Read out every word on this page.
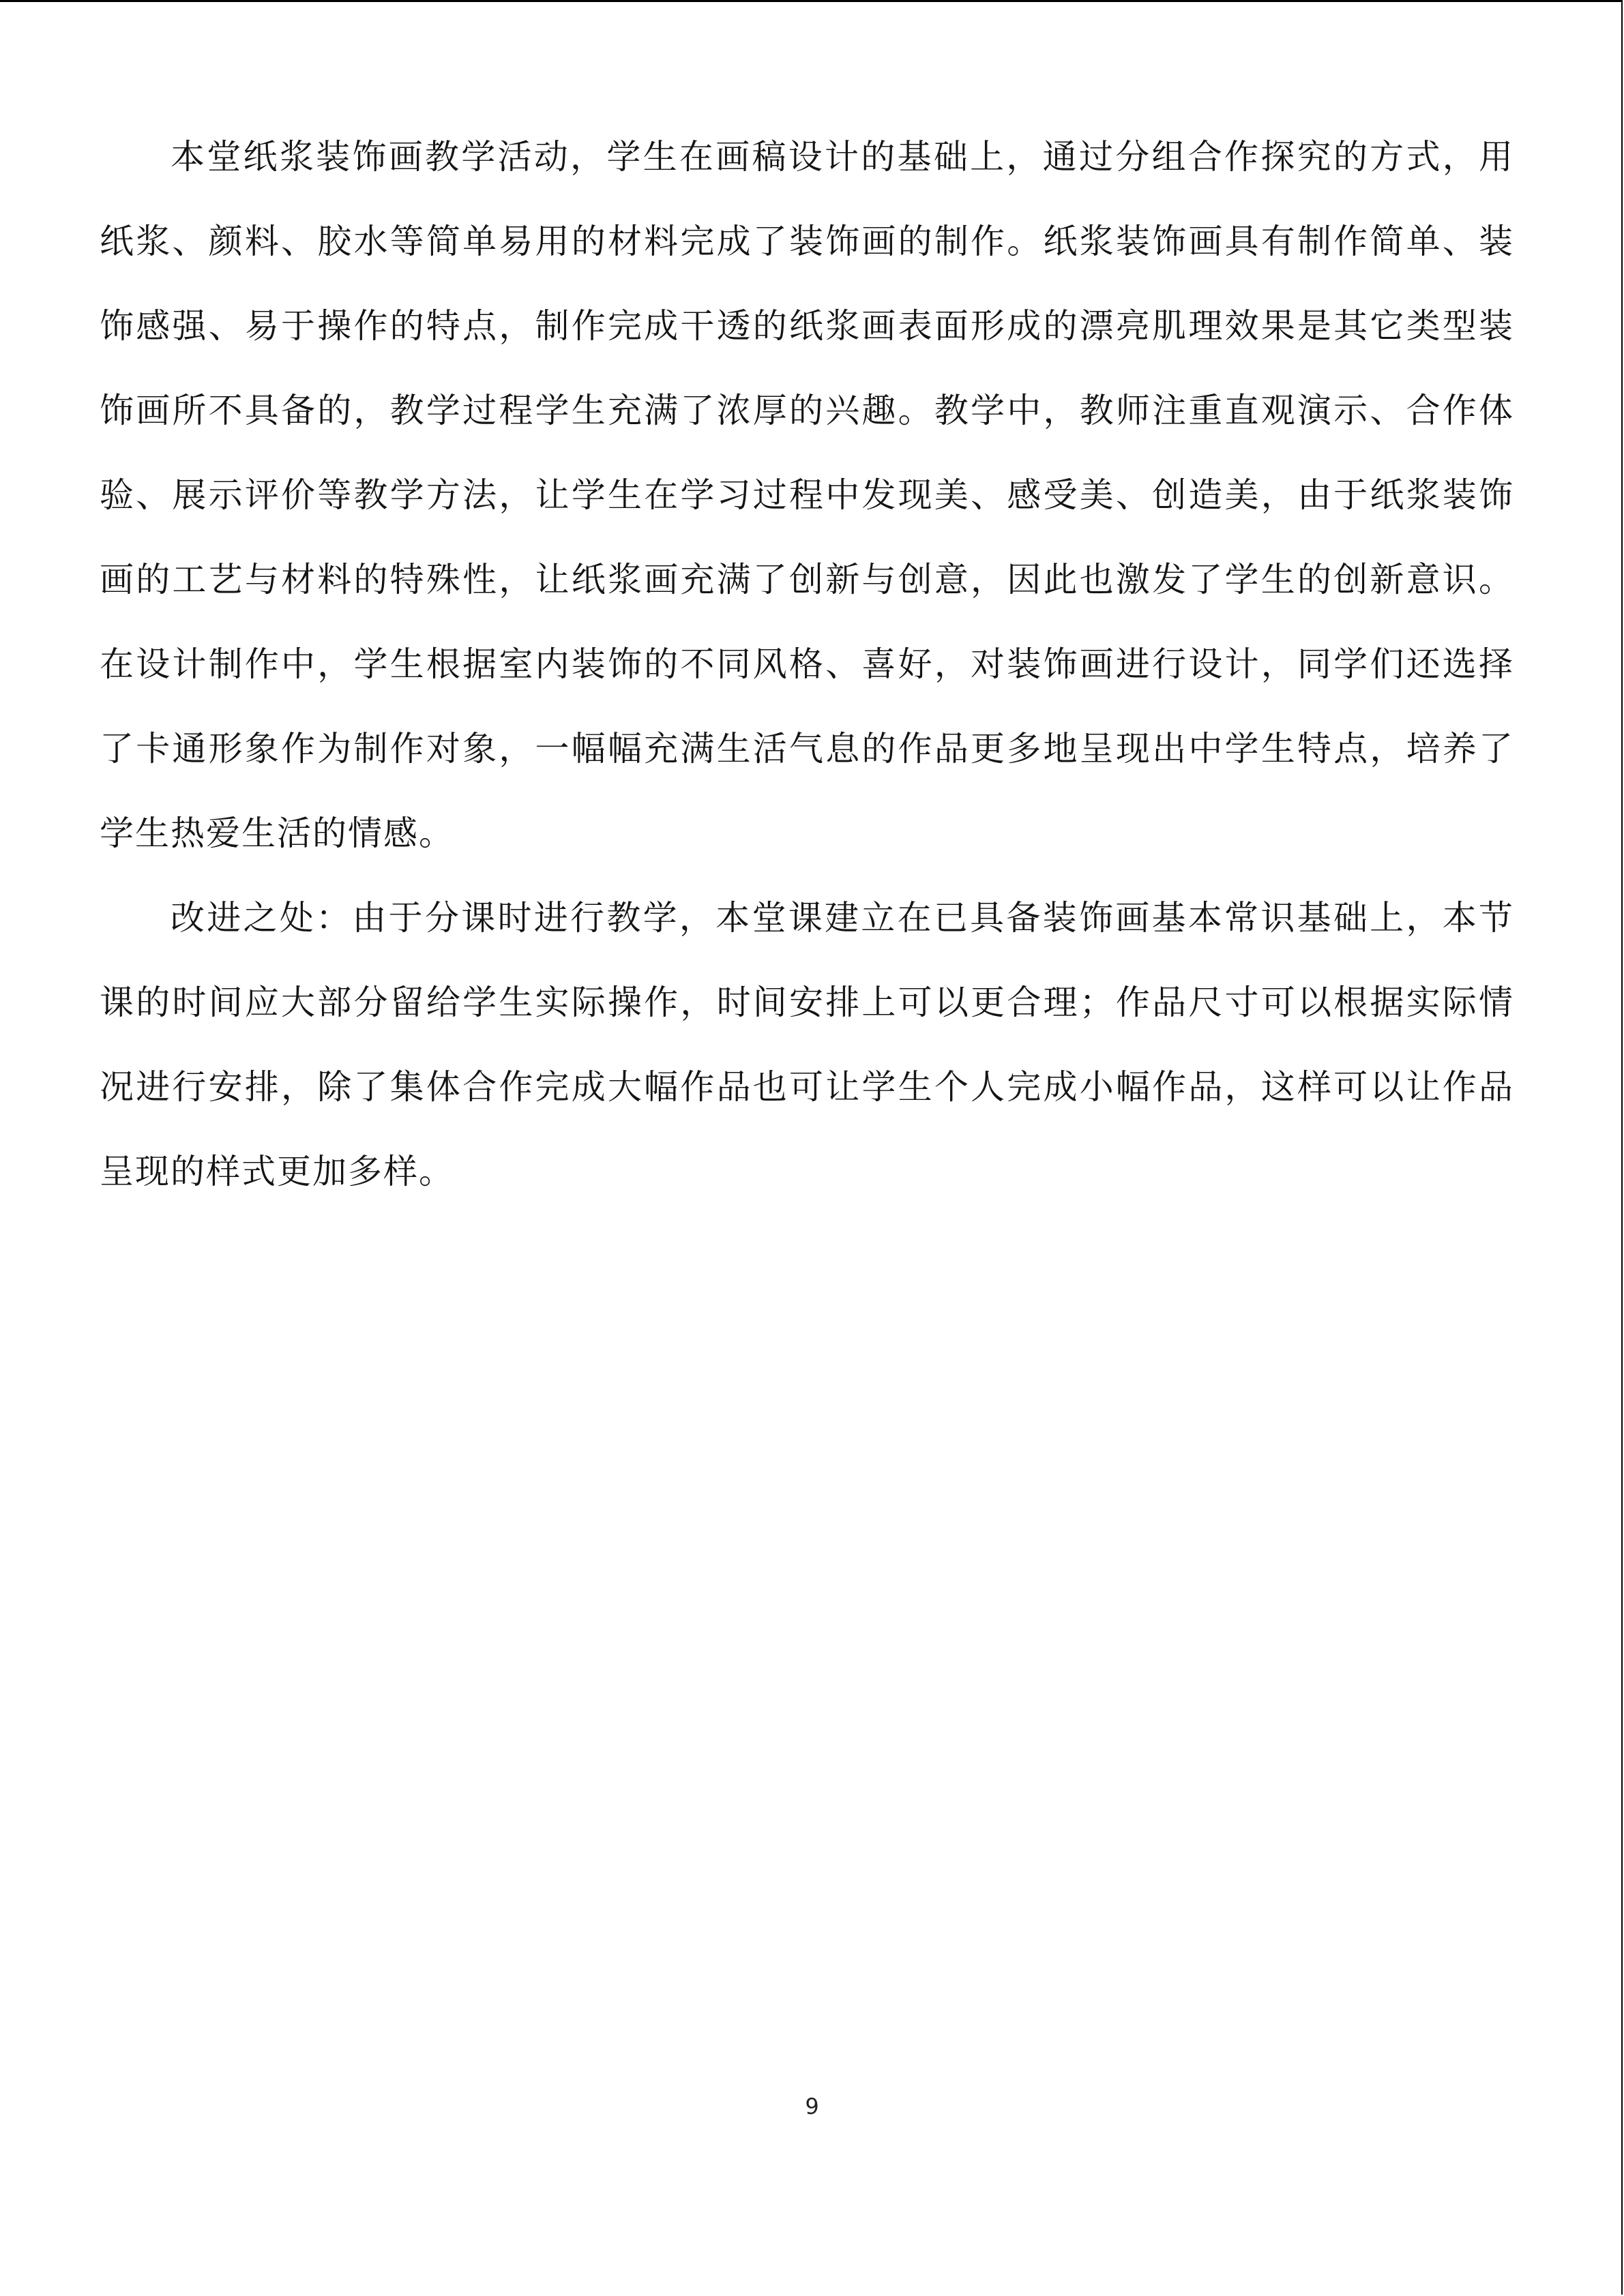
本堂纸浆装饰画教学活动，学生在画稿设计的基础上，通过分组合作探究的方式，用纸浆、颜料、胶水等简单易用的材料完成了装饰画的制作。纸浆装饰画具有制作简单、装饰感强、易于操作的特点，制作完成干透的纸浆画表面形成的漂亮肌理效果是其它类型装饰画所不具备的，教学过程学生充满了浓厚的兴趣。教学中，教师注重直观演示、合作体验、展示评价等教学方法，让学生在学习过程中发现美、感受美、创造美，由于纸浆装饰画的工艺与材料的特殊性，让纸浆画充满了创新与创意，因此也激发了学生的创新意识。在设计制作中，学生根据室内装饰的不同风格、喜好，对装饰画进行设计，同学们还选择了卡通形象作为制作对象，一幅幅充满生活气息的作品更多地呈现出中学生特点，培养了学生热爱生活的情感。

改进之处：由于分课时进行教学，本堂课建立在已具备装饰画基本常识基础上，本节课的时间应大部分留给学生实际操作，时间安排上可以更合理；作品尺寸可以根据实际情况进行安排，除了集体合作完成大幅作品也可让学生个人完成小幅作品，这样可以让作品呈现的样式更加多样。

9
